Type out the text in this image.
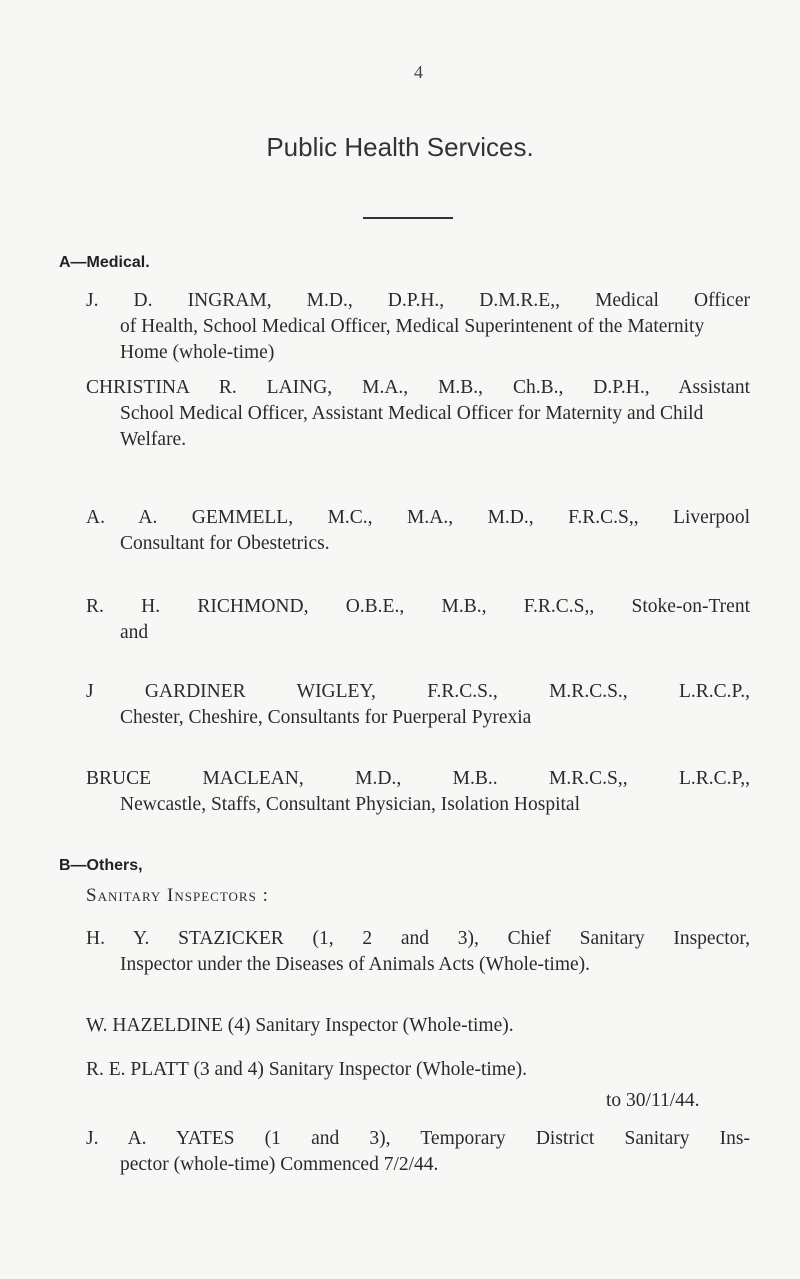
4
Public Health Services.
A—Medical.
J. D. INGRAM, M.D., D.P.H., D.M.R.E,, Medical Officer
of Health, School Medical Officer, Medical Superintenent of the Maternity Home (whole-time)
CHRISTINA R. LAING, M.A., M.B., Ch.B., D.P.H., Assistant
School Medical Officer, Assistant Medical Officer for Maternity and Child Welfare.
A. A. GEMMELL, M.C., M.A., M.D., F.R.C.S,, Liverpool
Consultant for Obestetrics.
R. H. RICHMOND, O.B.E., M.B., F.R.C.S,, Stoke-on-Trent
and
J GARDINER WIGLEY, F.R.C.S., M.R.C.S., L.R.C.P.,
Chester, Cheshire, Consultants for Puerperal Pyrexia
BRUCE MACLEAN, M.D., M.B.. M.R.C.S,, L.R.C.P,,
Newcastle, Staffs, Consultant Physician, Isolation Hospital
B—Others,
Sanitary Inspectors :
H. Y. STAZICKER (1, 2 and 3), Chief Sanitary Inspector,
Inspector under the Diseases of Animals Acts (Whole-time).
W. HAZELDINE (4) Sanitary Inspector (Whole-time).
R. E. PLATT (3 and 4) Sanitary Inspector (Whole-time).
to 30/11/44.
J. A. YATES (1 and 3), Temporary District Sanitary Ins-
pector (whole-time) Commenced 7/2/44.
